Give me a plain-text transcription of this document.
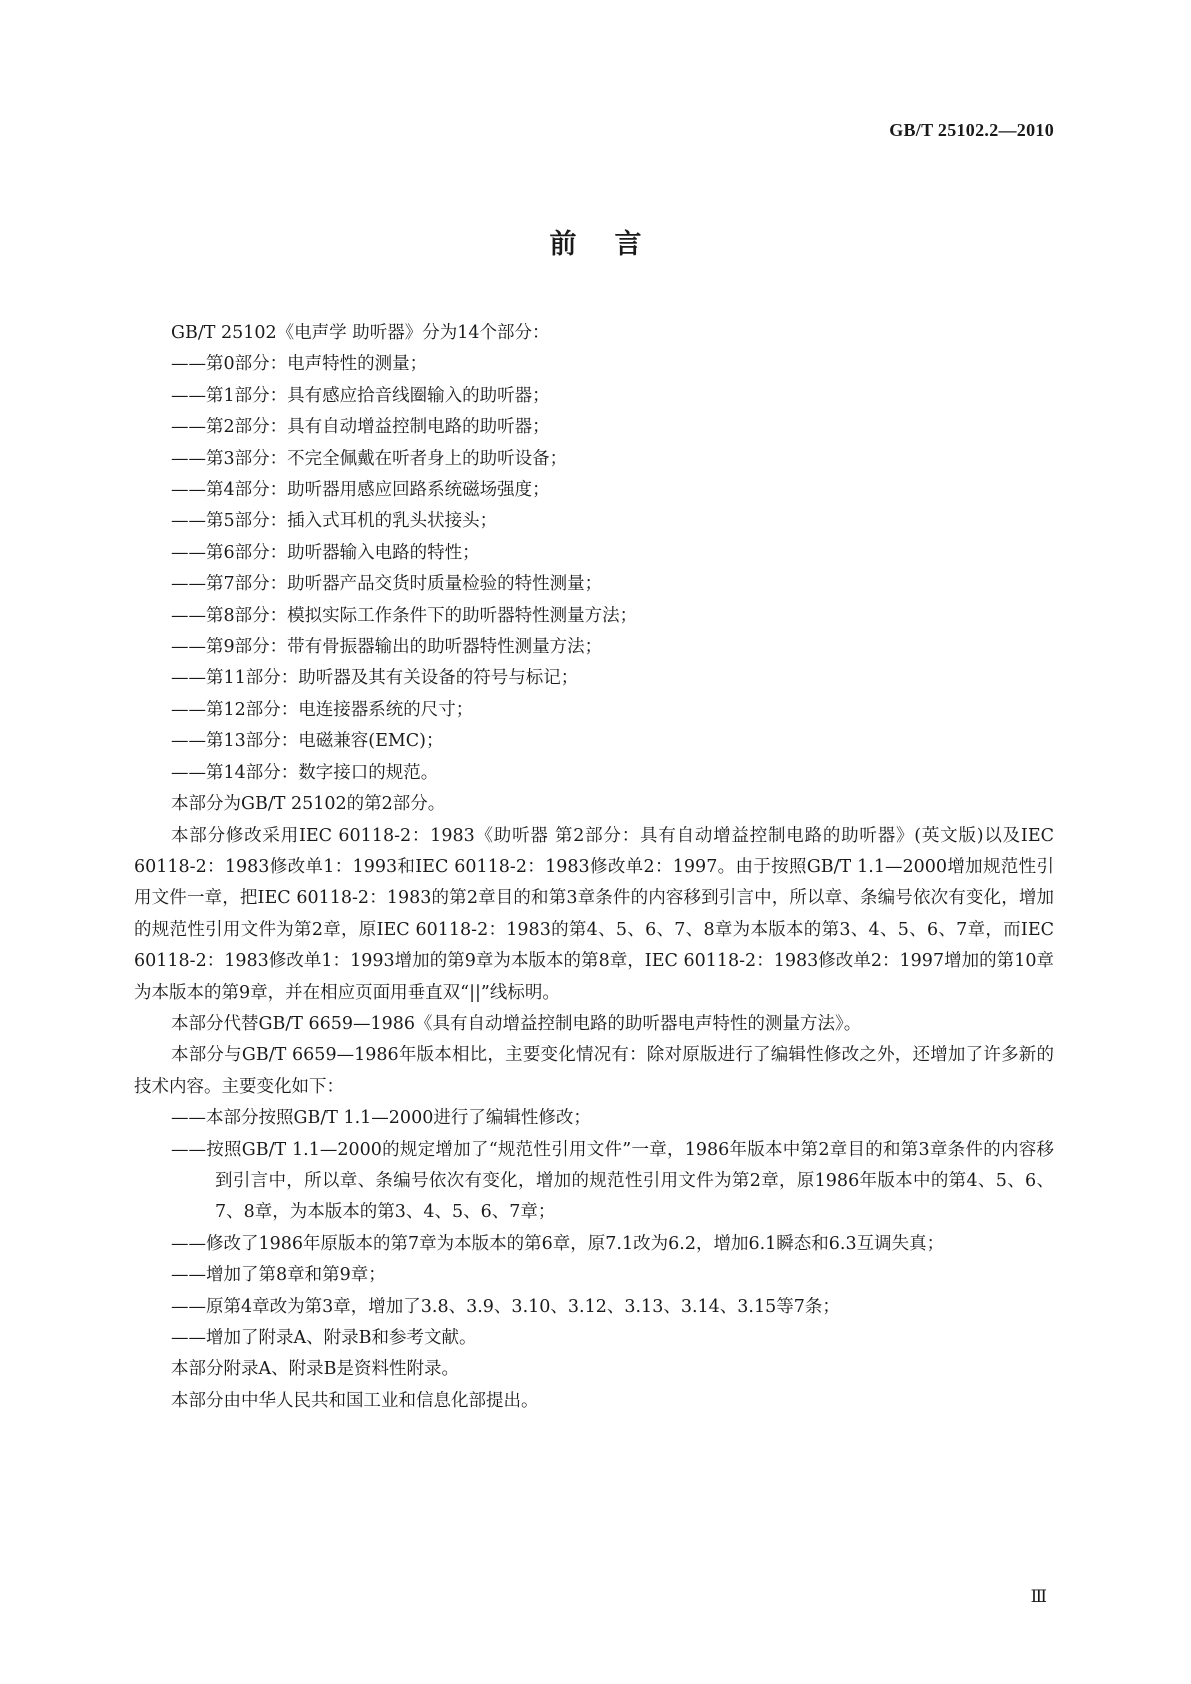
GB/T 25102.2—2010
前言

GB/T 25102《电声学 助听器》分为14个部分：

——第0部分：电声特性的测量；

——第1部分：具有感应拾音线圈输入的助听器；

——第2部分：具有自动增益控制电路的助听器；

——第3部分：不完全佩戴在听者身上的助听设备；

——第4部分：助听器用感应回路系统磁场强度；

——第5部分：插入式耳机的乳头状接头；

——第6部分：助听器输入电路的特性；

——第7部分：助听器产品交货时质量检验的特性测量；

——第8部分：模拟实际工作条件下的助听器特性测量方法；

——第9部分：带有骨振器输出的助听器特性测量方法；

——第11部分：助听器及其有关设备的符号与标记；

——第12部分：电连接器系统的尺寸；

——第13部分：电磁兼容(EMC)；

——第14部分：数字接口的规范。

本部分为GB/T 25102的第2部分。

本部分修改采用IEC 60118-2：1983《助听器 第2部分：具有自动增益控制电路的助听器》(英文版)以及IEC 60118-2：1983修改单1：1993和IEC 60118-2：1983修改单2：1997。由于按照GB/T 1.1—2000增加规范性引用文件一章，把IEC 60118-2：1983的第2章目的和第3章条件的内容移到引言中，所以章、条编号依次有变化，增加的规范性引用文件为第2章，原IEC 60118-2：1983的第4、5、6、7、8章为本版本的第3、4、5、6、7章，而IEC 60118-2：1983修改单1：1993增加的第9章为本版本的第8章，IEC 60118-2：1983修改单2：1997增加的第10章为本版本的第9章，并在相应页面用垂直双“||”线标明。

本部分代替GB/T 6659—1986《具有自动增益控制电路的助听器电声特性的测量方法》。

本部分与GB/T 6659—1986年版本相比，主要变化情况有：除对原版进行了编辑性修改之外，还增加了许多新的技术内容。主要变化如下：

——本部分按照GB/T 1.1—2000进行了编辑性修改；

——按照GB/T 1.1—2000的规定增加了“规范性引用文件”一章，1986年版本中第2章目的和第3章条件的内容移到引言中，所以章、条编号依次有变化，增加的规范性引用文件为第2章，原1986年版本中的第4、5、6、7、8章，为本版本的第3、4、5、6、7章；

——修改了1986年原版本的第7章为本版本的第6章，原7.1改为6.2，增加6.1瞬态和6.3互调失真；

——增加了第8章和第9章；

——原第4章改为第3章，增加了3.8、3.9、3.10、3.12、3.13、3.14、3.15等7条；

——增加了附录A、附录B和参考文献。

本部分附录A、附录B是资料性附录。

本部分由中华人民共和国工业和信息化部提出。

Ⅲ
